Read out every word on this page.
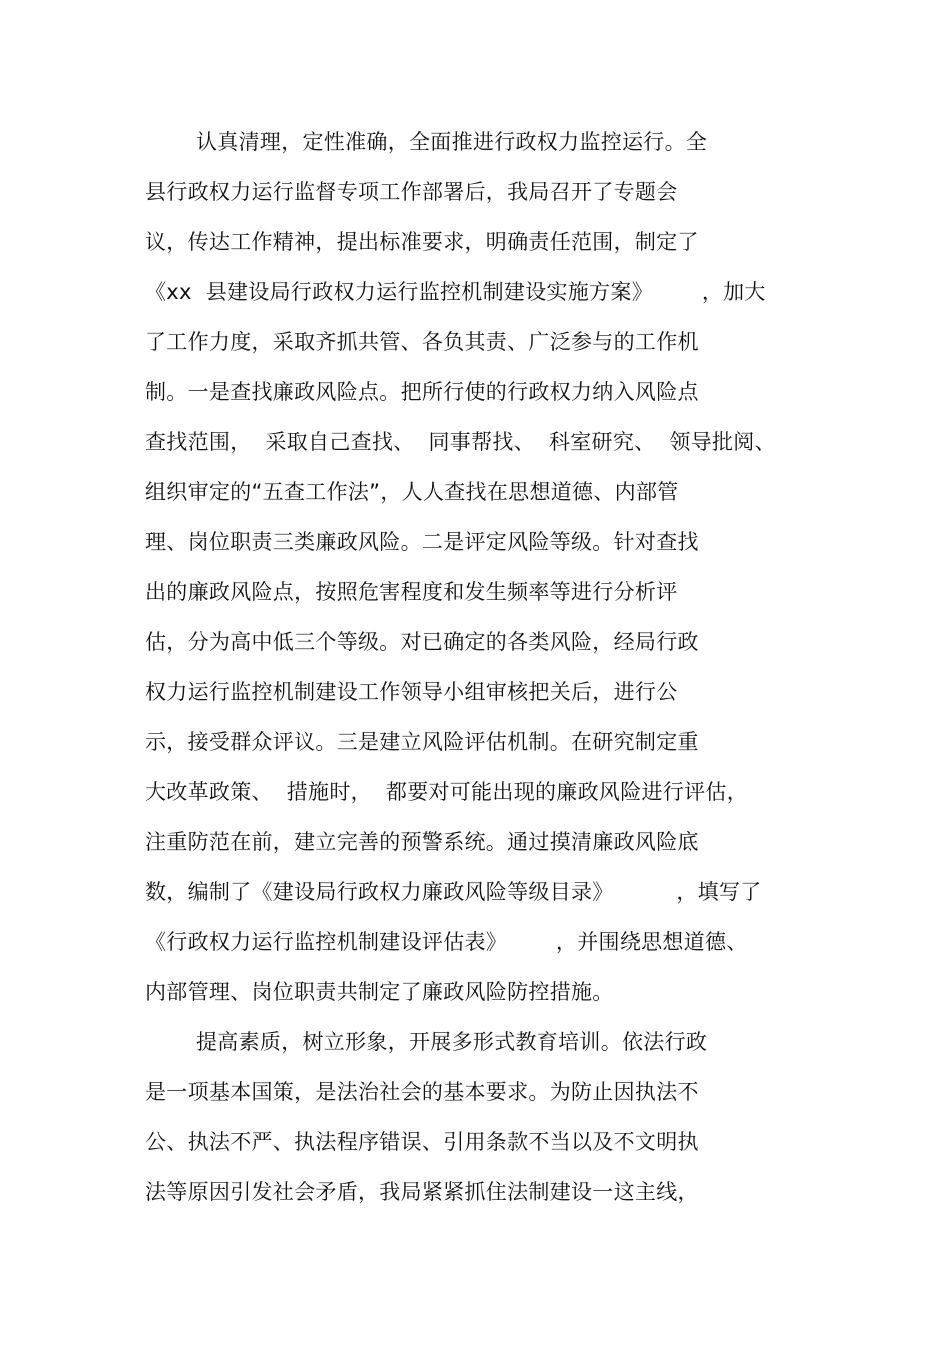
认真清理，定性准确，全面推进行政权力监控运行。全
县行政权力运行监督专项工作部署后，我局召开了专题会
议，传达工作精神，提出标准要求，明确责任范围，制定了
《xx  县建设局行政权力运行监控机制建设实施方案》       ，加大
了工作力度，采取齐抓共管、各负其责、广泛参与的工作机
制。一是查找廉政风险点。把所行使的行政权力纳入风险点
查找范围，  采取自己查找、  同事帮找、  科室研究、  领导批阅、
组织审定的“五查工作法”，人人查找在思想道德、内部管
理、岗位职责三类廉政风险。二是评定风险等级。针对查找
出的廉政风险点，按照危害程度和发生频率等进行分析评
估，分为高中低三个等级。对已确定的各类风险，经局行政
权力运行监控机制建设工作领导小组审核把关后，进行公
示，接受群众评议。三是建立风险评估机制。在研究制定重
大改革政策、  措施时，  都要对可能出现的廉政风险进行评估，
注重防范在前，建立完善的预警系统。通过摸清廉政风险底
数，编制了《建设局行政权力廉政风险等级目录》         ，填写了
《行政权力运行监控机制建设评估表》       ，并围绕思想道德、
内部管理、岗位职责共制定了廉政风险防控措施。
提高素质，树立形象，开展多形式教育培训。依法行政
是一项基本国策，是法治社会的基本要求。为防止因执法不
公、执法不严、执法程序错误、引用条款不当以及不文明执
法等原因引发社会矛盾，我局紧紧抓住法制建设一这主线，
